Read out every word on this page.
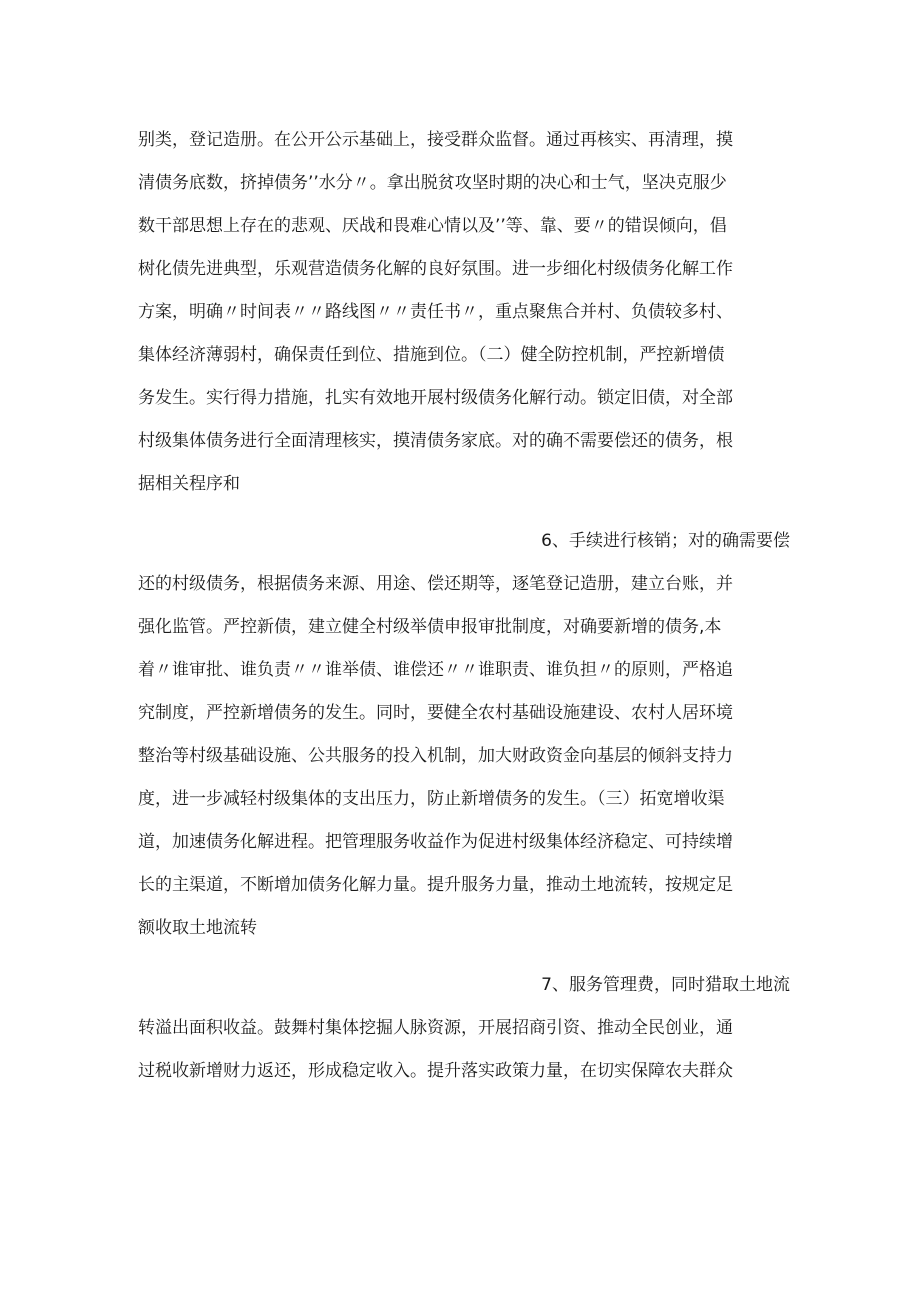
别类，登记造册。在公开公示基础上，接受群众监督。通过再核实、再清理，摸
清债务底数，挤掉债务’’水分〃。拿出脱贫攻坚时期的决心和士气，坚决克服少
数干部思想上存在的悲观、厌战和畏难心情以及’’等、靠、要〃的错误倾向，倡
树化债先进典型，乐观营造债务化解的良好氛围。进一步细化村级债务化解工作
方案，明确〃时间表〃〃路线图〃〃责任书〃，重点聚焦合并村、负债较多村、
集体经济薄弱村，确保责任到位、措施到位。（二）健全防控机制，严控新增债
务发生。实行得力措施，扎实有效地开展村级债务化解行动。锁定旧债，对全部
村级集体债务进行全面清理核实，摸清债务家底。对的确不需要偿还的债务，根
据相关程序和
6、手续进行核销；对的确需要偿
还的村级债务，根据债务来源、用途、偿还期等，逐笔登记造册，建立台账，并
强化监管。严控新债，建立健全村级举债申报审批制度，对确要新增的债务,本
着〃谁审批、谁负责〃〃谁举债、谁偿还〃〃谁职责、谁负担〃的原则，严格追
究制度，严控新增债务的发生。同时，要健全农村基础设施建设、农村人居环境
整治等村级基础设施、公共服务的投入机制，加大财政资金向基层的倾斜支持力
度，进一步减轻村级集体的支出压力，防止新增债务的发生。（三）拓宽增收渠
道，加速债务化解进程。把管理服务收益作为促进村级集体经济稳定、可持续增
长的主渠道，不断增加债务化解力量。提升服务力量，推动土地流转，按规定足
额收取土地流转
7、服务管理费，同时猎取土地流
转溢出面积收益。鼓舞村集体挖掘人脉资源，开展招商引资、推动全民创业，通
过税收新增财力返还，形成稳定收入。提升落实政策力量，在切实保障农夫群众
